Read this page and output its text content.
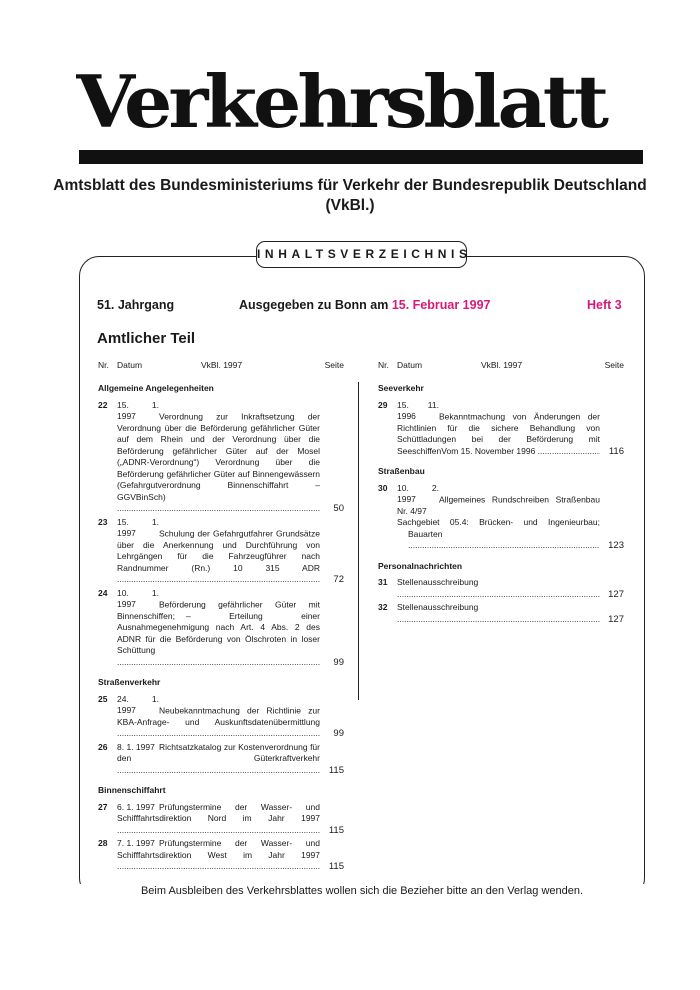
Verkehrsblatt
Amtsblatt des Bundesministeriums für Verkehr der Bundesrepublik Deutschland
(VkBl.)
INHALTSVERZEICHNIS
51. Jahrgang	Ausgegeben zu Bonn am 15. Februar 1997	Heft 3
Amtlicher Teil
Nr. Datum	VkBl. 1997	Seite
Allgemeine Angelegenheiten
22	15. 1. 1997	Verordnung zur Inkraftsetzung der Verordnung über die Beförderung gefährlicher Güter auf dem Rhein und der Verordnung über die Beförderung gefährlicher Güter auf der Mosel („ADNR-Verordnung“) Verordnung über die Beförderung gefährlicher Güter auf Binnengewässern (Gefahrgutverordnung Binnenschiffahrt – GGVBinSch) .....
50
23	15. 1. 1997	Schulung der Gefahrgutfahrer Grundsätze über die Anerkennung und Durchführung von Lehrgängen für die Fahrzeugführer nach Randnummer (Rn.) 10 315 ADR .....
72
24	10. 1. 1997	Beförderung gefährlicher Güter mit Binnenschiffen; – Erteilung einer Ausnahmegenehmigung nach Art. 4 Abs. 2 des ADNR für die Beförderung von Ölschroten in loser Schüttung .....
99
Straßenverkehr
25	24. 1. 1997	Neubekanntmachung der Richtlinie zur KBA-Anfrage- und Auskunftsdatenübermittlung .....
99
26	8. 1. 1997 Richtsatzkatalog zur Kostenverordnung für den Güterkraftverkehr .....
115
Binnenschiffahrt
27	6. 1. 1997 Prüfungstermine der Wasser- und Schifffahrtsdirektion Nord im Jahr 1997 .....
115
28	7. 1. 1997 Prüfungstermine der Wasser- und Schifffahrtsdirektion West im Jahr 1997 .....
115
Nr. Datum	VkBl. 1997	Seite
Seeverkehr
29	15. 11. 1996	Bekanntmachung von Änderungen der Richtlinien für die sichere Behandlung von Schüttladungen bei der Beförderung mit SeeschiffenVom 15. November 1996 .....	116
Straßenbau
30	10. 2. 1997	Allgemeines Rundschreiben Straßenbau Nr. 4/97
Sachgebiet 05.4: Brücken- und Ingenieurbau; Bauarten .....
123
Personalnachrichten
31	Stellenausschreibung .....
127
32	Stellenausschreibung .....
127
Beim Ausbleiben des Verkehrsblattes wollen sich die Bezieher bitte an den Verlag wenden.
